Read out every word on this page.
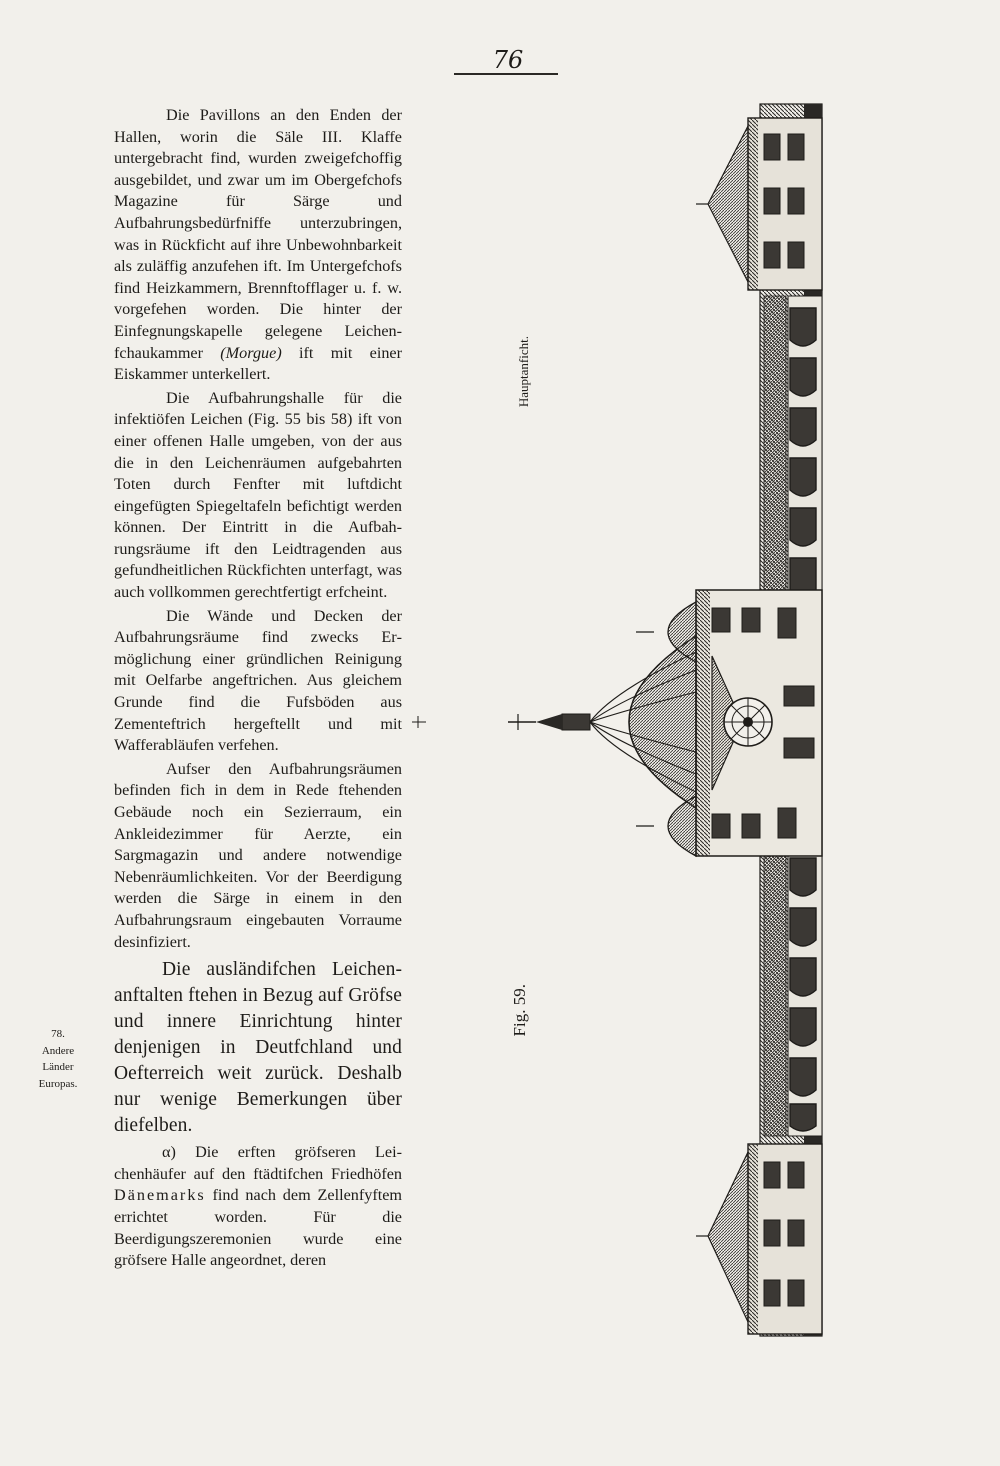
76
78.
Andere
Länder
Europas.

Die Pavillons an den Enden der Hallen, worin die Säle III. Klaffe untergebracht find, wurden zweigefchoffig ausgebildet, und zwar um im Obergefchofs Magazine für Särge und Aufbahrungsbedürfniffe unterzubringen, was in Rückficht auf ihre Unbewohnbarkeit als zuläffig anzufehen ift. Im Untergefchofs find Heizkammern, Brennftofflager u. f. w. vorgefehen worden. Die hinter der Einfegnungskapelle gelegene Leichenfchaukammer (Morgue) ift mit einer Eiskammer unterkellert.

Die Aufbahrungshalle für die infektiöfen Leichen (Fig. 55 bis 58) ift von einer offenen Halle umgeben, von der aus die in den Leichenräumen aufgebahrten Toten durch Fenfter mit luftdicht eingefügten Spiegeltafeln befichtigt werden können. Der Eintritt in die Aufbahrungsräume ift den Leidtragenden aus gefundheitlichen Rückfichten unterfagt, was auch vollkommen gerechtfertigt erfcheint.

Die Wände und Decken der Aufbahrungsräume find zwecks Ermöglichung einer gründlichen Reinigung mit Oelfarbe angeftrichen. Aus gleichem Grunde find die Fufsböden aus Zementeftrich hergeftellt und mit Wafferabläufen verfehen.

Aufser den Aufbahrungsräumen befinden fich in dem in Rede ftehenden Gebäude noch ein Sezierraum, ein Ankleidezimmer für Aerzte, ein Sargmagazin und andere notwendige Nebenräumlichkeiten. Vor der Beerdigung werden die Särge in einem in den Aufbahrungsraum eingebauten Vorraume desinfiziert.

Die ausländifchen Leichenanftalten ftehen in Bezug auf Gröfse und innere Einrichtung hinter denjenigen in Deutfchland und Oefterreich weit zurück. Deshalb nur wenige Bemerkungen über diefelben.

α) Die erften gröfseren Leichenhäufer auf den ftädtifchen Friedhöfen Dänemarks find nach dem Zellenfyftem errichtet worden. Für die Beerdigungszeremonien wurde eine gröfsere Halle angeordnet, deren

Hauptanficht.
Fig. 59.
